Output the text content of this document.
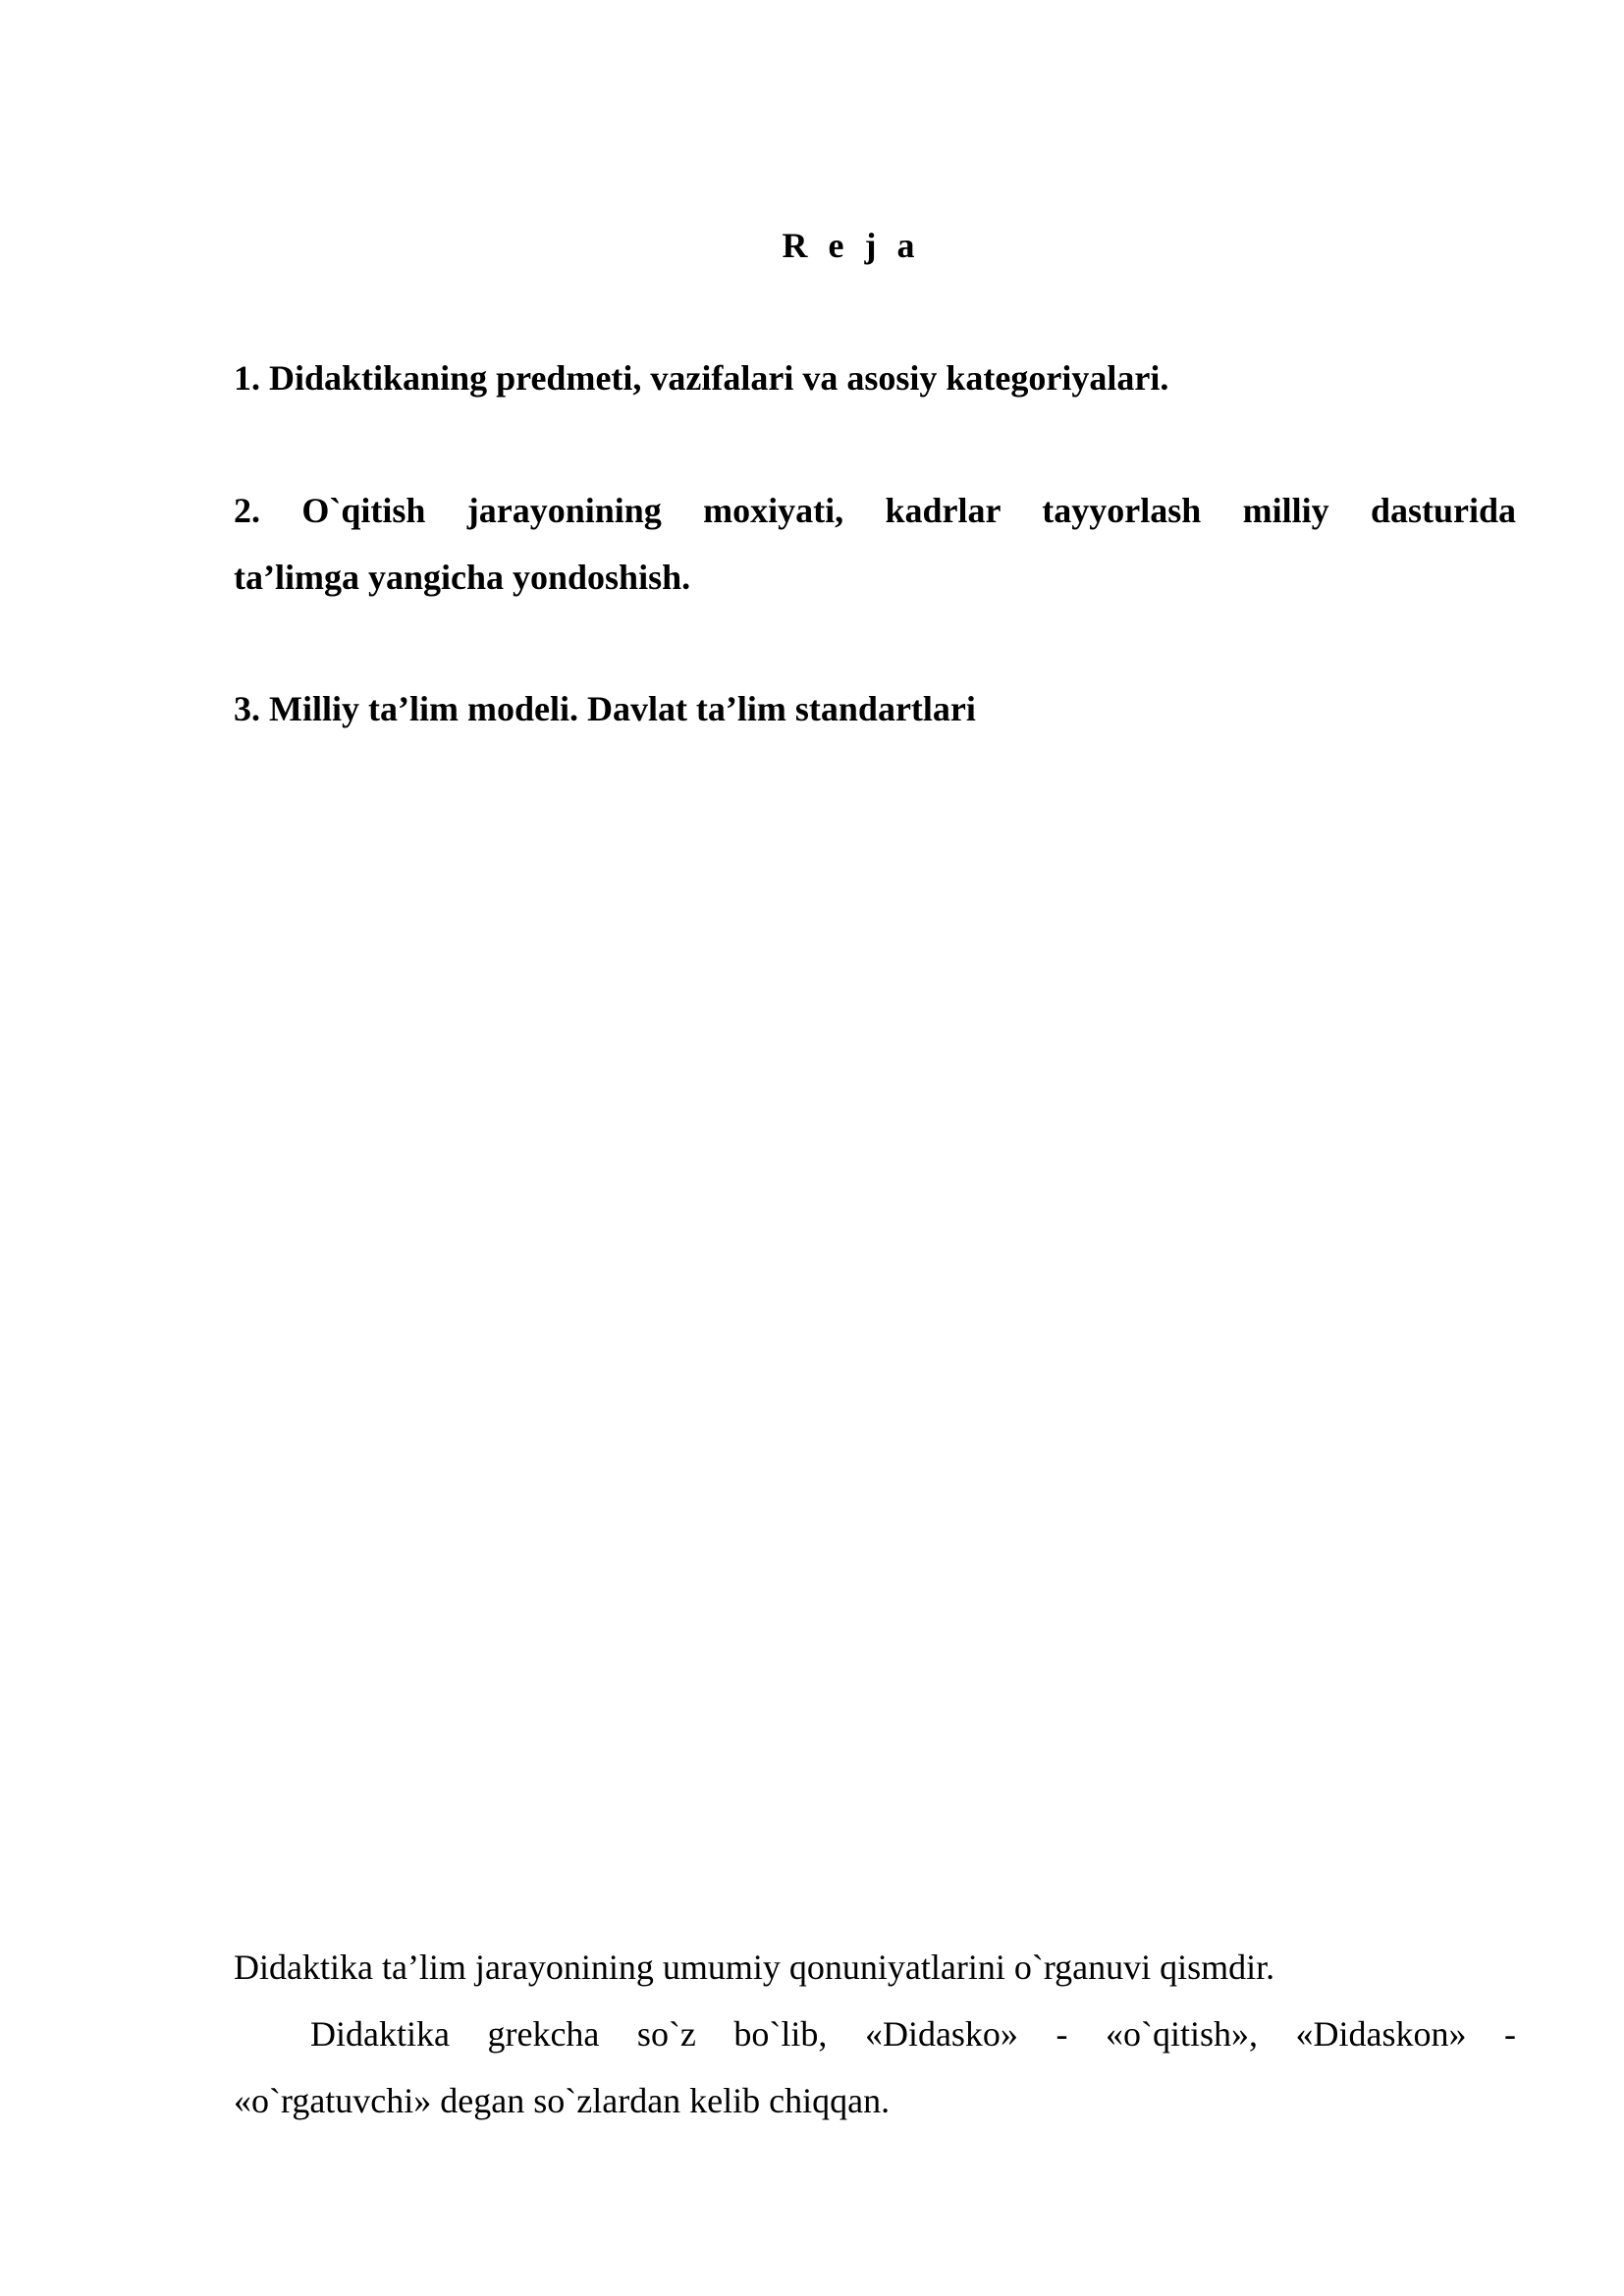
R e j a

1. Didaktikaning predmeti, vazifalari va asosiy kategoriyalari.

2. O`qitish jarayonining moxiyati, kadrlar tayyorlash milliy dasturida
ta’limga yangicha yondoshish.

3. Milliy ta’lim modeli. Davlat ta’lim standartlari

Didaktika ta’lim jarayonining umumiy qonuniyatlarini o`rganuvi qismdir.

Didaktika grekcha so`z bo`lib, «Didasko» - «o`qitish», «Didaskon» -
«o`rgatuvchi» degan so`zlardan kelib chiqqan.
